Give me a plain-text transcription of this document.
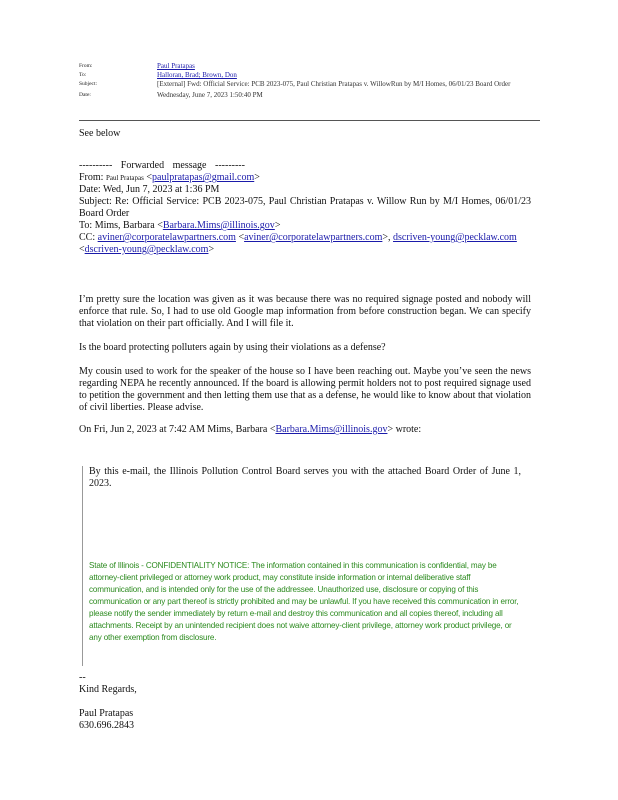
From:	Paul Pratapas
To:	Halloran, Brad; Brown, Don
Subject:	[External] Fwd: Official Service: PCB 2023-075, Paul Christian Pratapas v. WillowRun by M/I Homes, 06/01/23 Board Order
Date:	Wednesday, June 7, 2023 1:50:40 PM

See below

---------- Forwarded message ---------

From: Paul Pratapas <paulpratapas@gmail.com>

Date: Wed, Jun 7, 2023 at 1:36 PM

Subject: Re: Official Service: PCB 2023-075, Paul Christian Pratapas v. Willow Run by M/I Homes, 06/01/23 Board Order

To: Mims, Barbara <Barbara.Mims@illinois.gov>

CC: aviner@corporatelawpartners.com <aviner@corporatelawpartners.com>, dscriven-young@pecklaw.com <dscriven-young@pecklaw.com>

I’m pretty sure the location was given as it was because there was no required signage posted and nobody will enforce that rule. So, I had to use old Google map information from before construction began. We can specify that violation on their part officially. And I will file it.

Is the board protecting polluters again by using their violations as a defense?

My cousin used to work for the speaker of the house so I have been reaching out. Maybe you’ve seen the news regarding NEPA he recently announced. If the board is allowing permit holders not to post required signage used to petition the government and then letting them use that as a defense, he would like to know about that violation of civil liberties. Please advise.

On Fri, Jun 2, 2023 at 7:42 AM Mims, Barbara <Barbara.Mims@illinois.gov> wrote:

By this e-mail, the Illinois Pollution Control Board serves you with the attached Board Order of June 1, 2023.

State of Illinois - CONFIDENTIALITY NOTICE: The information contained in this communication is confidential, may be attorney-client privileged or attorney work product, may constitute inside information or internal deliberative staff communication, and is intended only for the use of the addressee. Unauthorized use, disclosure or copying of this communication or any part thereof is strictly prohibited and may be unlawful. If you have received this communication in error, please notify the sender immediately by return e-mail and destroy this communication and all copies thereof, including all attachments. Receipt by an unintended recipient does not waive attorney-client privilege, attorney work product privilege, or any other exemption from disclosure.

--

Kind Regards,

Paul Pratapas

630.696.2843
